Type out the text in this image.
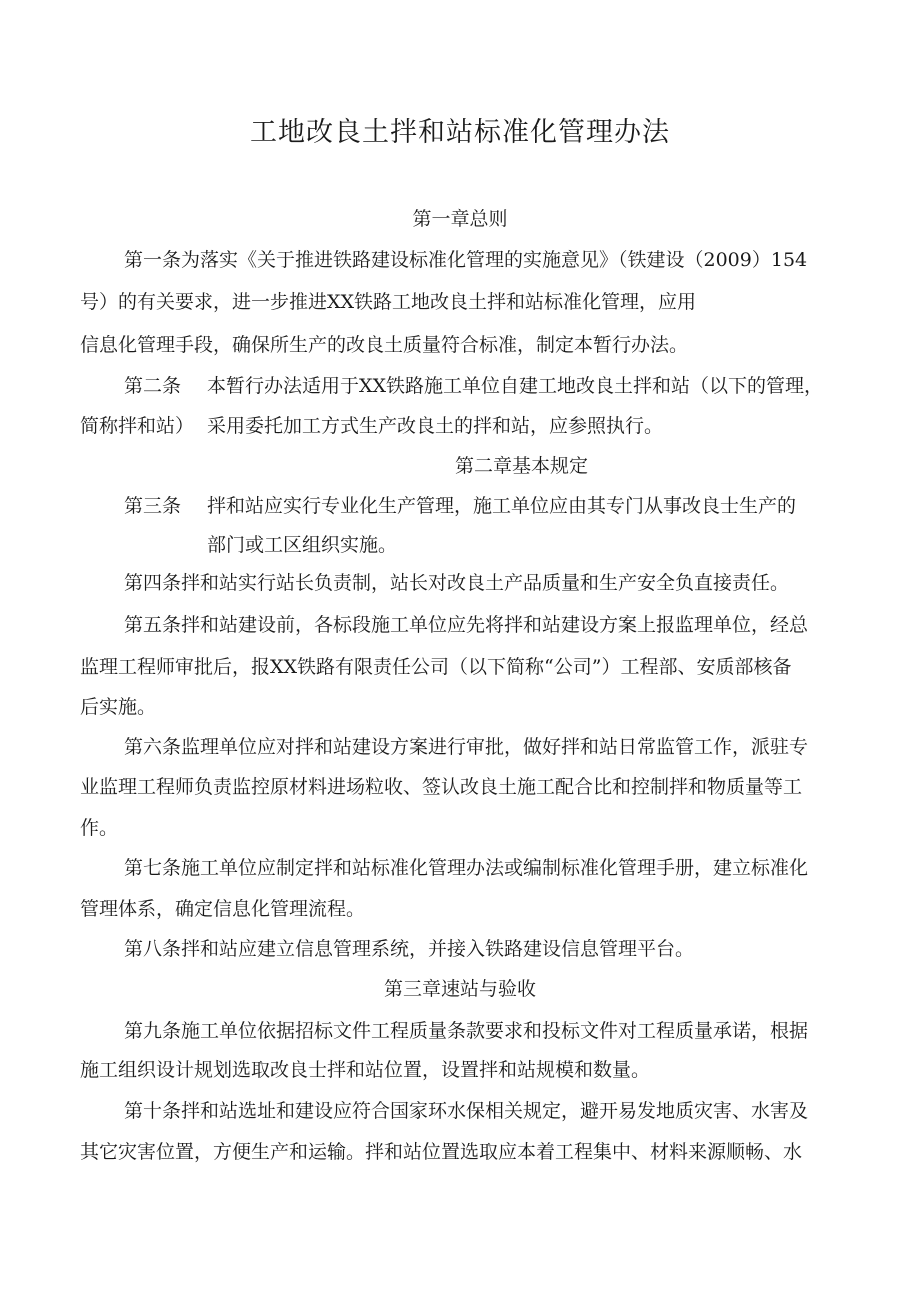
工地改良土拌和站标准化管理办法
第一章总则
第一条为落实《关于推进铁路建设标准化管理的实施意见》（铁建设（2009）154
号）的有关要求，进一步推进XX铁路工地改良土拌和站标准化管理，应用
信息化管理手段，确保所生产的改良土质量符合标准，制定本暂行办法。
第二条 本暂行办法适用于XX铁路施工单位自建工地改良土拌和站（以下的管理，
简称拌和站） 采用委托加工方式生产改良土的拌和站，应参照执行。
第二章基本规定
第三条 拌和站应实行专业化生产管理，施工单位应由其专门从事改良士生产的
部门或工区组织实施。
第四条拌和站实行站长负责制，站长对改良土产品质量和生产安全负直接责任。
第五条拌和站建设前，各标段施工单位应先将拌和站建设方案上报监理单位，经总
监理工程师审批后，报XX铁路有限责任公司（以下简称“公司”）工程部、安质部核备
后实施。
第六条监理单位应对拌和站建设方案进行审批，做好拌和站日常监管工作，派驻专
业监理工程师负责监控原材料进场粒收、签认改良土施工配合比和控制拌和物质量等工
作。
第七条施工单位应制定拌和站标准化管理办法或编制标准化管理手册，建立标准化
管理体系，确定信息化管理流程。
第八条拌和站应建立信息管理系统，并接入铁路建设信息管理平台。
第三章速站与验收
第九条施工单位依据招标文件工程质量条款要求和投标文件对工程质量承诺，根据
施工组织设计规划选取改良士拌和站位置，设置拌和站规模和数量。
第十条拌和站选址和建设应符合国家环水保相关规定，避开易发地质灾害、水害及
其它灾害位置，方便生产和运输。拌和站位置选取应本着工程集中、材料来源顺畅、水
